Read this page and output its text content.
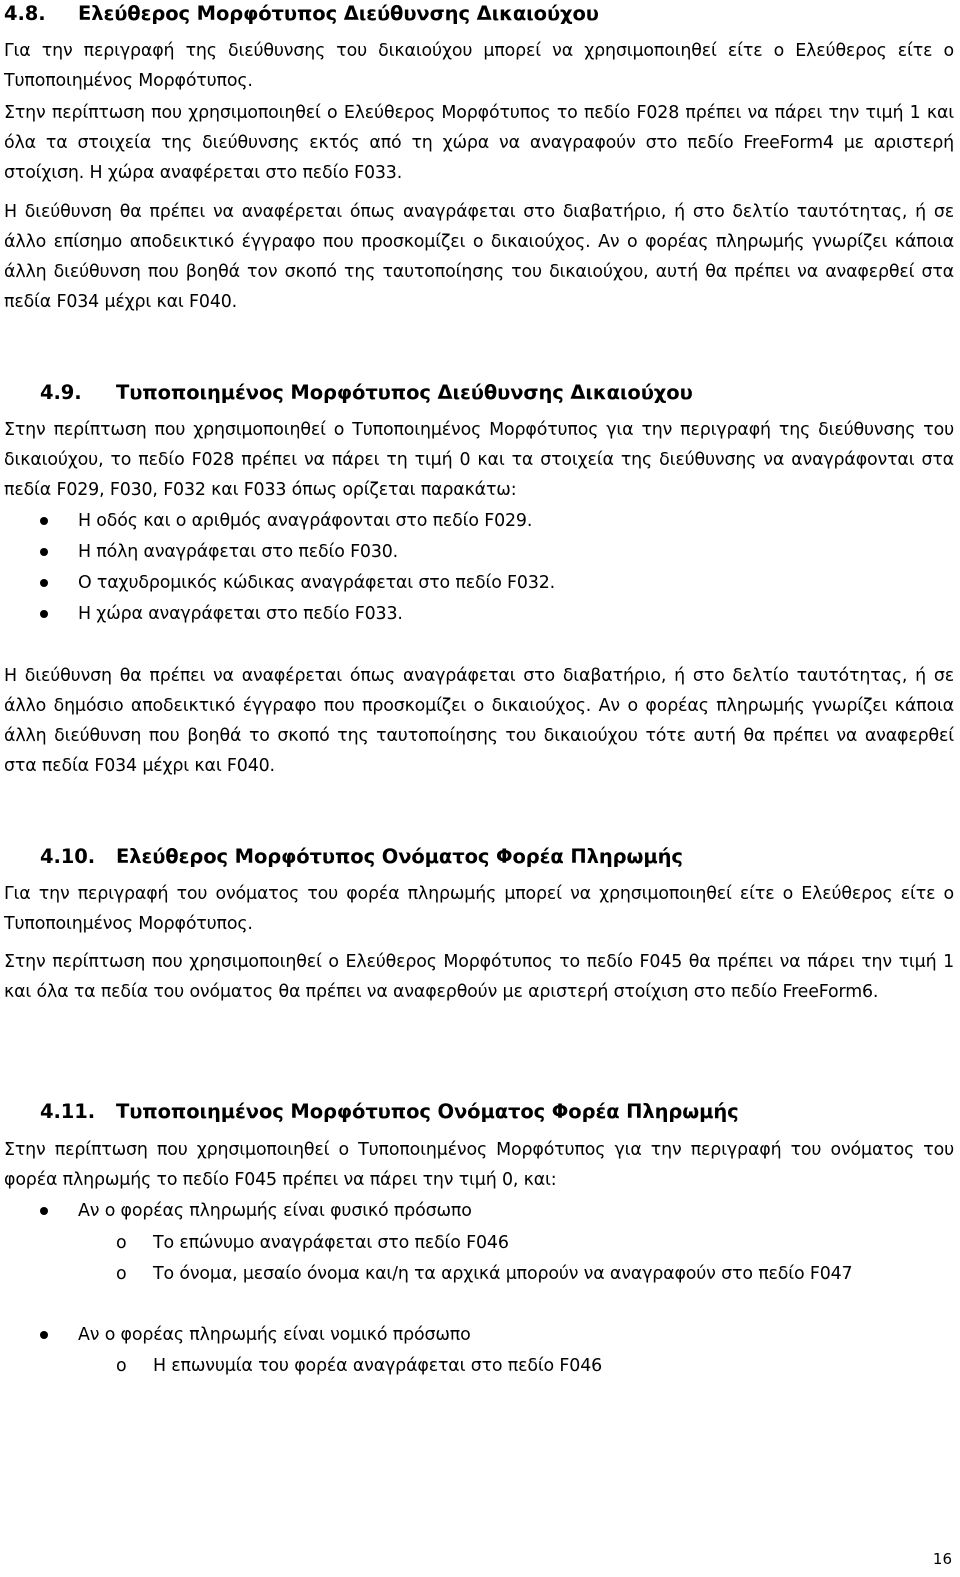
4.8. Ελεύθερος Μορφότυπος Διεύθυνσης Δικαιούχου
Για την περιγραφή της διεύθυνσης του δικαιούχου μπορεί να χρησιμοποιηθεί είτε ο Ελεύθερος είτε ο Τυποποιημένος Μορφότυπος.
Στην περίπτωση που χρησιμοποιηθεί ο Ελεύθερος Μορφότυπος το πεδίο F028 πρέπει να πάρει την τιμή 1 και όλα τα στοιχεία της διεύθυνσης εκτός από τη χώρα να αναγραφούν στο πεδίο FreeForm4 με αριστερή στοίχιση. Η χώρα αναφέρεται στο πεδίο F033.
Η διεύθυνση θα πρέπει να αναφέρεται όπως αναγράφεται στο διαβατήριο, ή στο δελτίο ταυτότητας, ή σε άλλο επίσημο αποδεικτικό έγγραφο που προσκομίζει ο δικαιούχος. Αν ο φορέας πληρωμής γνωρίζει κάποια άλλη διεύθυνση που βοηθά τον σκοπό της ταυτοποίησης του δικαιούχου, αυτή θα πρέπει να αναφερθεί στα πεδία F034 μέχρι και F040.
4.9. Τυποποιημένος Μορφότυπος Διεύθυνσης Δικαιούχου
Στην περίπτωση που χρησιμοποιηθεί ο Τυποποιημένος Μορφότυπος για την περιγραφή της διεύθυνσης του δικαιούχου, το πεδίο F028 πρέπει να πάρει τη τιμή 0 και τα στοιχεία της διεύθυνσης να αναγράφονται στα πεδία F029, F030, F032 και F033 όπως ορίζεται παρακάτω:
Η οδός και ο αριθμός αναγράφονται στο πεδίο F029.
Η πόλη αναγράφεται στο πεδίο F030.
Ο ταχυδρομικός κώδικας αναγράφεται στο πεδίο F032.
Η χώρα αναγράφεται στο πεδίο F033.
Η διεύθυνση θα πρέπει να αναφέρεται όπως αναγράφεται στο διαβατήριο, ή στο δελτίο ταυτότητας, ή σε άλλο δημόσιο αποδεικτικό έγγραφο που προσκομίζει ο δικαιούχος. Αν ο φορέας πληρωμής γνωρίζει κάποια άλλη διεύθυνση που βοηθά το σκοπό της ταυτοποίησης του δικαιούχου τότε αυτή θα πρέπει να αναφερθεί στα πεδία F034 μέχρι και F040.
4.10. Ελεύθερος Μορφότυπος Ονόματος Φορέα Πληρωμής
Για την περιγραφή του ονόματος του φορέα πληρωμής μπορεί να χρησιμοποιηθεί είτε ο Ελεύθερος είτε ο Τυποποιημένος Μορφότυπος.
Στην περίπτωση που χρησιμοποιηθεί ο Ελεύθερος Μορφότυπος το πεδίο F045 θα πρέπει να πάρει την τιμή 1 και όλα τα πεδία του ονόματος θα πρέπει να αναφερθούν με αριστερή στοίχιση στο πεδίο FreeForm6.
4.11. Τυποποιημένος Μορφότυπος Ονόματος Φορέα Πληρωμής
Στην περίπτωση που χρησιμοποιηθεί ο Τυποποιημένος Μορφότυπος για την περιγραφή του ονόματος του φορέα πληρωμής το πεδίο F045 πρέπει να πάρει την τιμή 0, και:
Αν ο φορέας πληρωμής είναι φυσικό πρόσωπο
o Το επώνυμο αναγράφεται στο πεδίο F046
o Το όνομα, μεσαίο όνομα και/η τα αρχικά μπορούν να αναγραφούν στο πεδίο F047
Αν ο φορέας πληρωμής είναι νομικό πρόσωπο
o Η επωνυμία του φορέα αναγράφεται στο πεδίο F046
16
